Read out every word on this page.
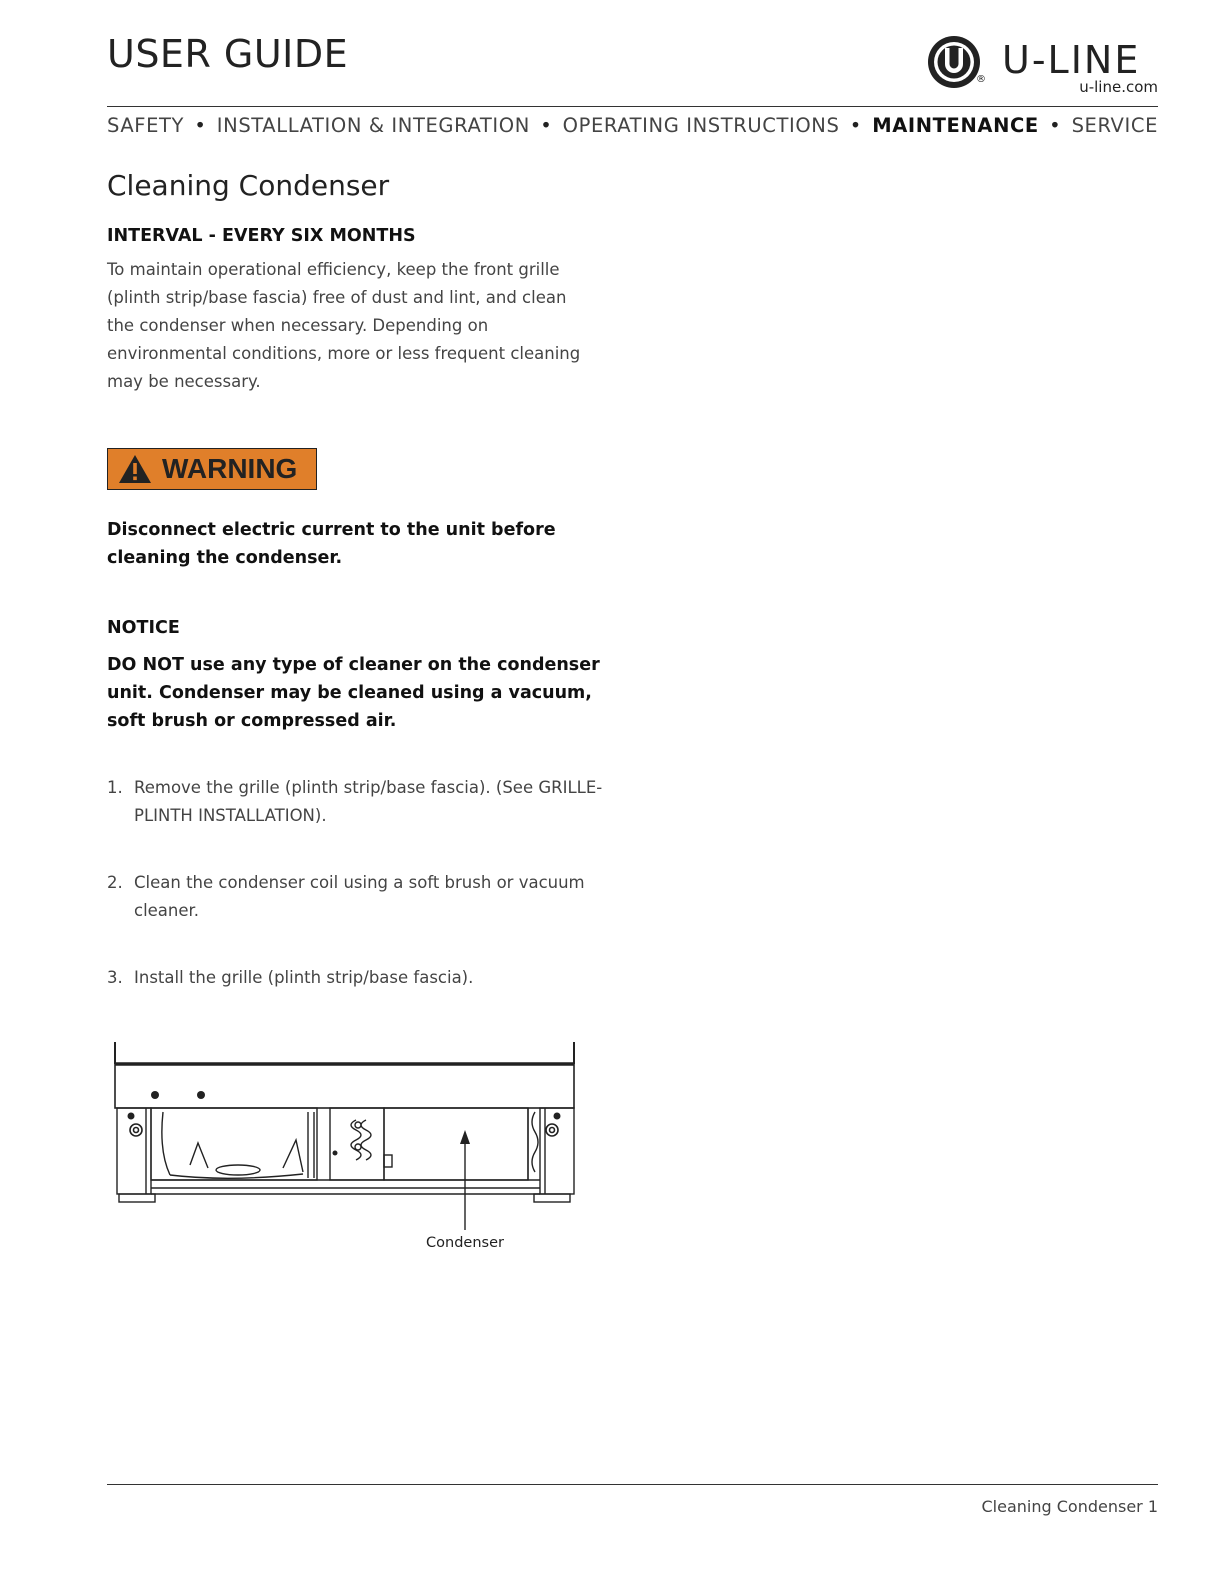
USER GUIDE
® U-LINE
u-line.com
SAFETY • INSTALLATION & INTEGRATION • OPERATING INSTRUCTIONS • MAINTENANCE • SERVICE
Cleaning Condenser
INTERVAL - EVERY SIX MONTHS

To maintain operational efficiency, keep the front grille (plinth strip/base fascia) free of dust and lint, and clean the condenser when necessary. Depending on environmental conditions, more or less frequent cleaning may be necessary.

WARNING

Disconnect electric current to the unit before cleaning the condenser.

NOTICE

DO NOT use any type of cleaner on the condenser unit. Condenser may be cleaned using a vacuum, soft brush or compressed air.

1. Remove the grille (plinth strip/base fascia). (See GRILLE-PLINTH INSTALLATION).
2. Clean the condenser coil using a soft brush or vacuum cleaner.
3. Install the grille (plinth strip/base fascia).
Condenser
Cleaning Condenser 1
